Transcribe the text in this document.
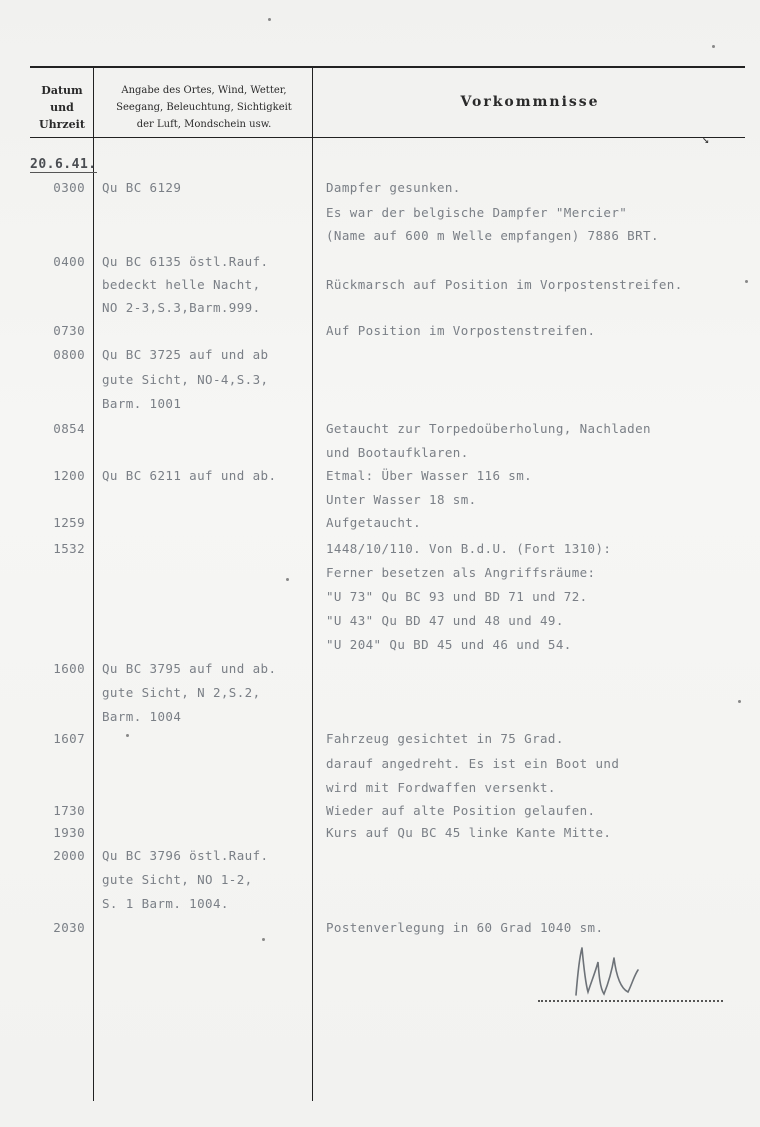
Datum
und
Uhrzeit
Angabe des Ortes, Wind, Wetter,
Seegang, Beleuchtung, Sichtigkeit
der Luft, Mondschein usw.
Vorkommnisse
↘
20.6.41.
0300 Qu BC 6129	Dampfer gesunken.
Es war der belgische Dampfer "Mercier"
(Name auf 600 m Welle empfangen) 7886 BRT.
0400 Qu BC 6135 östl.Rauf.
bedeckt helle Nacht,	Rückmarsch auf Position im Vorpostenstreifen.
NO 2-3,S.3,Barm.999.
0730	Auf Position im Vorpostenstreifen.
0800 Qu BC 3725 auf und ab
gute Sicht, NO-4,S.3,
Barm. 1001
0854	Getaucht zur Torpedoüberholung, Nachladen
und Bootaufklaren.
1200 Qu BC 6211 auf und ab.	Etmal: Über Wasser 116 sm.
Unter Wasser 18 sm.
1259	Aufgetaucht.
1532	1448/10/110. Von B.d.U. (Fort 1310):
Ferner besetzen als Angriffsräume:
"U 73" Qu BC 93 und BD 71 und 72.
"U 43" Qu BD 47 und 48 und 49.
"U 204" Qu BD 45 und 46 und 54.
1600 Qu BC 3795 auf und ab.
gute Sicht, N 2,S.2,
Barm. 1004
1607	Fahrzeug gesichtet in 75 Grad.
darauf angedreht. Es ist ein Boot und
wird mit Fordwaffen versenkt.
1730	Wieder auf alte Position gelaufen.
1930	Kurs auf Qu BC 45 linke Kante Mitte.
2000 Qu BC 3796 östl.Rauf.
gute Sicht, NO 1-2,
S. 1 Barm. 1004.
2030	Postenverlegung in 60 Grad 1040 sm.
